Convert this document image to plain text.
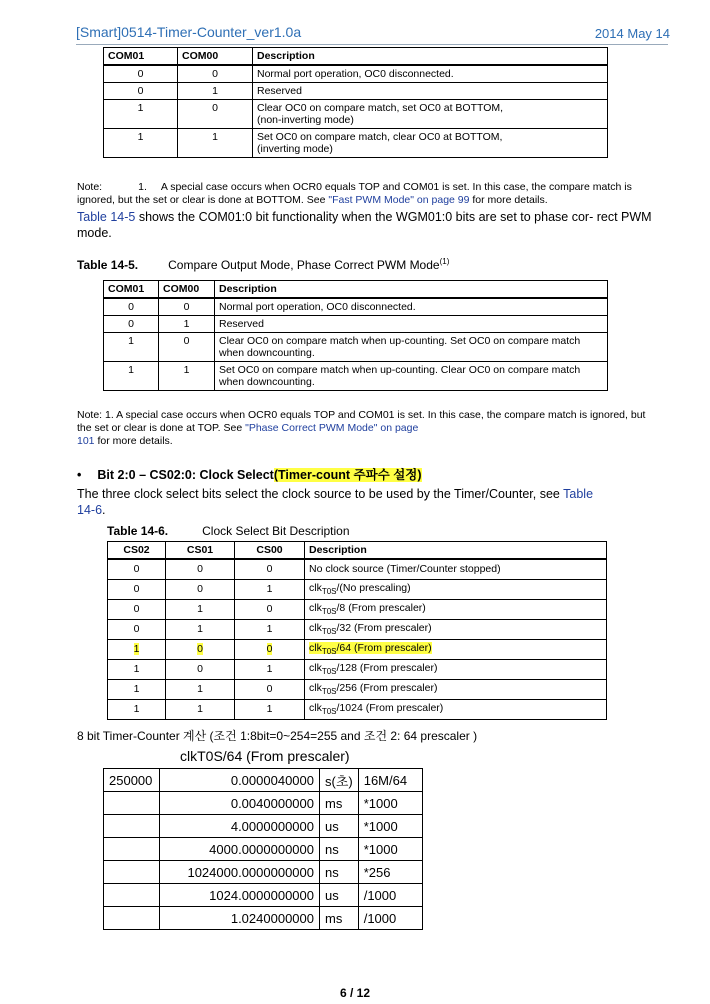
[Smart]0514-Timer-Counter_ver1.0a	2014 May 14
COM01	COM00	Description
0	0	Normal port operation, OC0 disconnected.

0	1	Reserved

1	0	Clear OC0 on compare match, set OC0 at BOTTOM,
(non-inverting mode)

1	1	Set OC0 on compare match, clear OC0 at BOTTOM,
(inverting mode)
Note:	1. A special case occurs when OCR0 equals TOP and COM01 is set. In this case, the compare match is
ignored, but the set or clear is done at BOTTOM. See "Fast PWM Mode" on page 99 for more details.
Table 14-5 shows the COM01:0 bit functionality when the WGM01:0 bits are set to phase cor- rect PWM
mode.
Table 14-5.	Compare Output Mode, Phase Correct PWM Mode$^{(1)}$
COM01	COM00	Description
0	0	Normal port operation, OC0 disconnected.

0	1	Reserved

1	0	Clear OC0 on compare match when up-counting. Set OC0 on compare match
when downcounting.

1	1	Set OC0 on compare match when up-counting. Clear OC0 on compare match
when downcounting.
Note: 1. A special case occurs when OCR0 equals TOP and COM01 is set. In this case, the compare match is ignored, but
the set or clear is done at TOP. See "Phase Correct PWM Mode" on page
101 for more details.
• Bit 2:0 – CS02:0: Clock Select(Timer-count 주파수 설정)
The three clock select bits select the clock source to be used by the Timer/Counter, see Table
14-6.
Table 14-6.	Clock Select Bit Description
CS02	CS01	CS00	Description
0	0	0	No clock source (Timer/Counter stopped)
0	0	1	clk$_{T0S}$/(No prescaling)
0	1	0	clk$_{T0S}$/8 (From prescaler)
0	1	1	clk$_{T0S}$/32 (From prescaler)
1	0	0	clk$_{T0S}$/64 (From prescaler)
1	0	1	clk$_{T0S}$/128 (From prescaler)
1	1	0	clk$_{T0S}$/256 (From prescaler)
1	1	1	clk$_{T0S}$/1024 (From prescaler)
8 bit Timer-Counter 계산 (조건 1:8bit=0~254=255 and 조건 2: 64 prescaler )
clkT0S/64 (From prescaler)
250000	0.0000040000	s(초)	16M/64
	0.0040000000	ms	*1000
	4.0000000000	us	*1000
	4000.0000000000	ns	*1000
	1024000.0000000000	ns	*256
	1024.0000000000	us	/1000
	1.0240000000	ms	/1000
6 / 12
